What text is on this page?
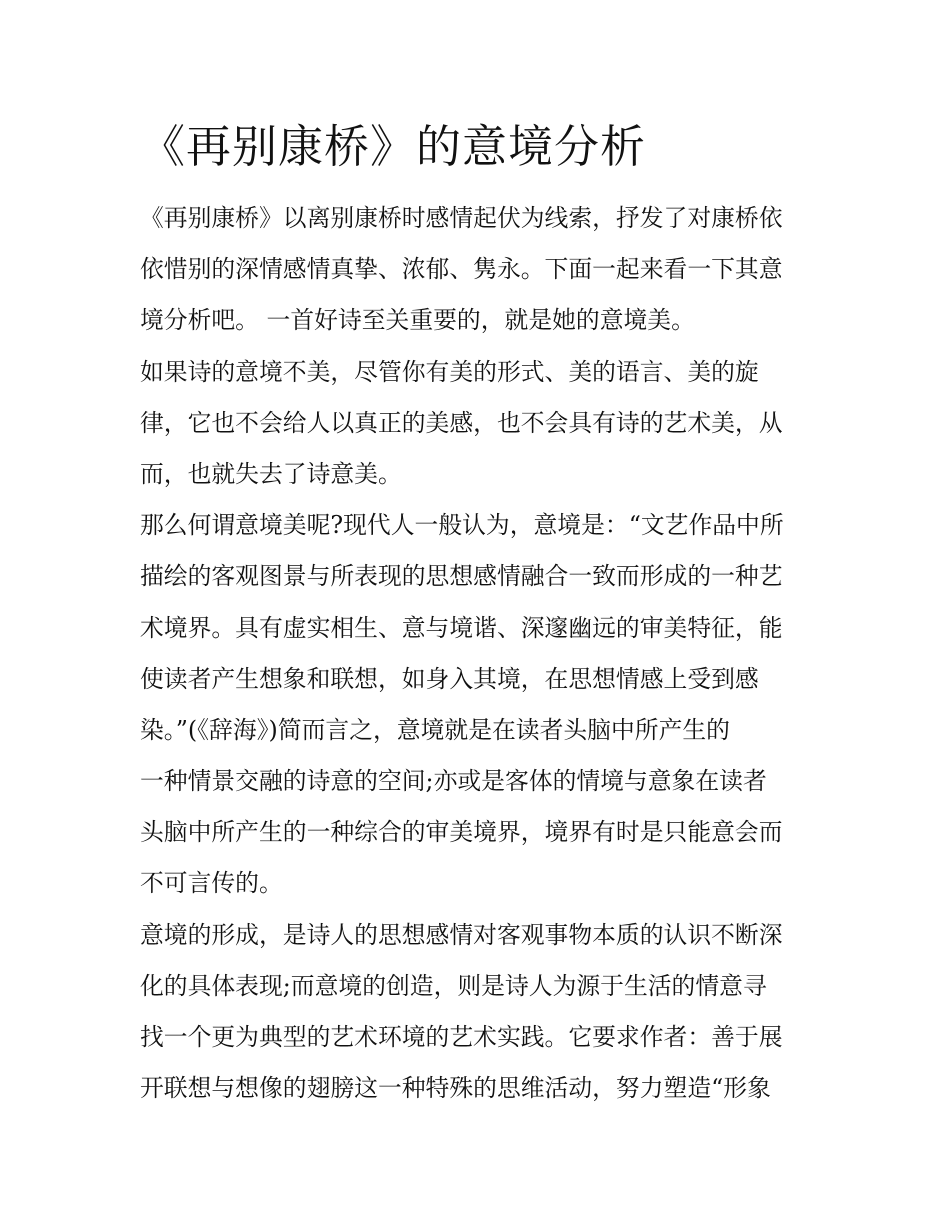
《再别康桥》的意境分析

《再别康桥》以离别康桥时感情起伏为线索，抒发了对康桥依

依惜别的深情感情真挚、浓郁、隽永。下面一起来看一下其意

境分析吧。 一首好诗至关重要的，就是她的意境美。

如果诗的意境不美，尽管你有美的形式、美的语言、美的旋

律，它也不会给人以真正的美感，也不会具有诗的艺术美，从

而，也就失去了诗意美。

那么何谓意境美呢?现代人一般认为，意境是：“文艺作品中所

描绘的客观图景与所表现的思想感情融合一致而形成的一种艺

术境界。具有虚实相生、意与境谐、深邃幽远的审美特征，能

使读者产生想象和联想，如身入其境，在思想情感上受到感

染。”(《辞海》)简而言之，意境就是在读者头脑中所产生的

一种情景交融的诗意的空间;亦或是客体的情境与意象在读者

头脑中所产生的一种综合的审美境界，境界有时是只能意会而

不可言传的。

意境的形成，是诗人的思想感情对客观事物本质的认识不断深

化的具体表现;而意境的创造，则是诗人为源于生活的情意寻

找一个更为典型的艺术环境的艺术实践。它要求作者：善于展

开联想与想像的翅膀这一种特殊的思维活动，努力塑造“形象
